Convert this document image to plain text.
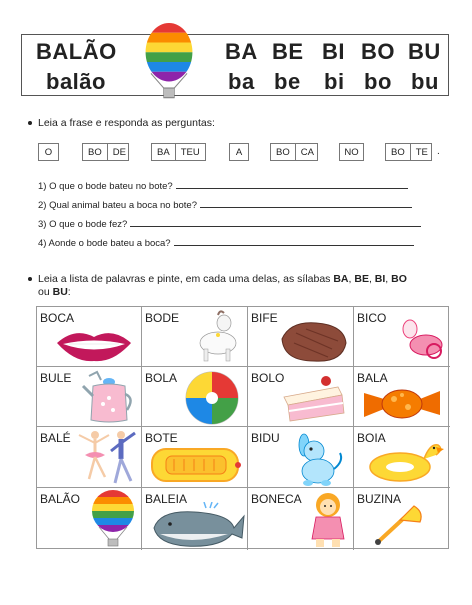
BALÃO
balão
BA BE BI BO BU
ba be bi bo bu
Leia a frase e responda as perguntas:
O	BO	DE	BA	TEU	A	BO	CA	NO	BO	TE .
1) O que o bode bateu no bote?
2) Qual animal bateu a boca no bote?
3) O que o bode fez?
4) Aonde o bode bateu a boca?
Leia a lista de palavras e pinte, em cada uma delas, as sílabas BA, BE, BI, BO
ou BU:
BOCA	BODE	BIFE	BICO
BULE	BOLA	BOLO	BALA
BALÉ	BOTE	BIDU	BOIA
BALÃO	BALEIA	BONECA	BUZINA
